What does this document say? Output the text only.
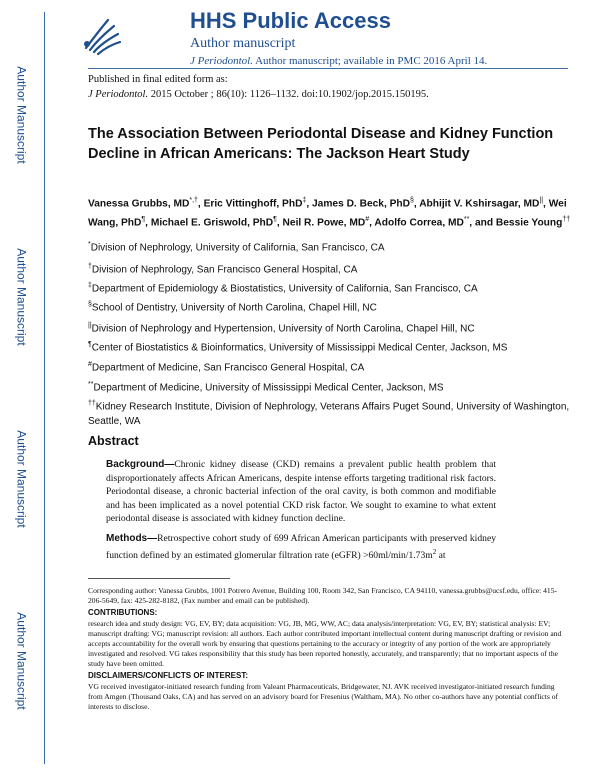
Author Manuscript
Author Manuscript
Author Manuscript
Author Manuscript
HHS Public Access
Author manuscript
J Periodontol. Author manuscript; available in PMC 2016 April 14.
Published in final edited form as:
J Periodontol. 2015 October ; 86(10): 1126–1132. doi:10.1902/jop.2015.150195.
The Association Between Periodontal Disease and Kidney Function Decline in African Americans: The Jackson Heart Study
Vanessa Grubbs, MD*,†, Eric Vittinghoff, PhD‡, James D. Beck, PhD§, Abhijit V. Kshirsagar, MD||, Wei Wang, PhD¶, Michael E. Griswold, PhD¶, Neil R. Powe, MD#, Adolfo Correa, MD**, and Bessie Young††
*Division of Nephrology, University of California, San Francisco, CA
†Division of Nephrology, San Francisco General Hospital, CA
‡Department of Epidemiology & Biostatistics, University of California, San Francisco, CA
§School of Dentistry, University of North Carolina, Chapel Hill, NC
||Division of Nephrology and Hypertension, University of North Carolina, Chapel Hill, NC
¶Center of Biostatistics & Bioinformatics, University of Mississippi Medical Center, Jackson, MS
#Department of Medicine, San Francisco General Hospital, CA
**Department of Medicine, University of Mississippi Medical Center, Jackson, MS
††Kidney Research Institute, Division of Nephrology, Veterans Affairs Puget Sound, University of Washington, Seattle, WA
Abstract
Background—Chronic kidney disease (CKD) remains a prevalent public health problem that disproportionately affects African Americans, despite intense efforts targeting traditional risk factors. Periodontal disease, a chronic bacterial infection of the oral cavity, is both common and modifiable and has been implicated as a novel potential CKD risk factor. We sought to examine to what extent periodontal disease is associated with kidney function decline.
Methods—Retrospective cohort study of 699 African American participants with preserved kidney function defined by an estimated glomerular filtration rate (eGFR) $>60ml/\min/1.73m^2$ at
Corresponding author: Vanessa Grubbs, 1001 Potrero Avenue, Building 100, Room 342, San Francisco, CA 94110, vanessa.grubbs@ucsf.edu, office: 415-206-5649, fax: 425-282-8182, (Fax number and email can be published).
CONTRIBUTIONS:
research idea and study design: VG, EV, BY; data acquisition: VG, JB, MG, WW, AC; data analysis/interpretation: VG, EV, BY; statistical analysis: EV; manuscript drafting: VG; manuscript revision: all authors. Each author contributed important intellectual content during manuscript drafting or revision and accepts accountability for the overall work by ensuring that questions pertaining to the accuracy or integrity of any portion of the work are appropriately investigated and resolved. VG takes responsibility that this study has been reported honestly, accurately, and transparently; that no important aspects of the study have been omitted.
DISCLAIMERS/CONFLICTS OF INTEREST:
VG received investigator-initiated research funding from Valeant Pharmaceuticals, Bridgewater, NJ. AVK received investigator-initiated research funding from Amgen (Thousand Oaks, CA) and has served on an advisory board for Fresenius (Waltham, MA). No other co-authors have any potential conflicts of interests to disclose.
